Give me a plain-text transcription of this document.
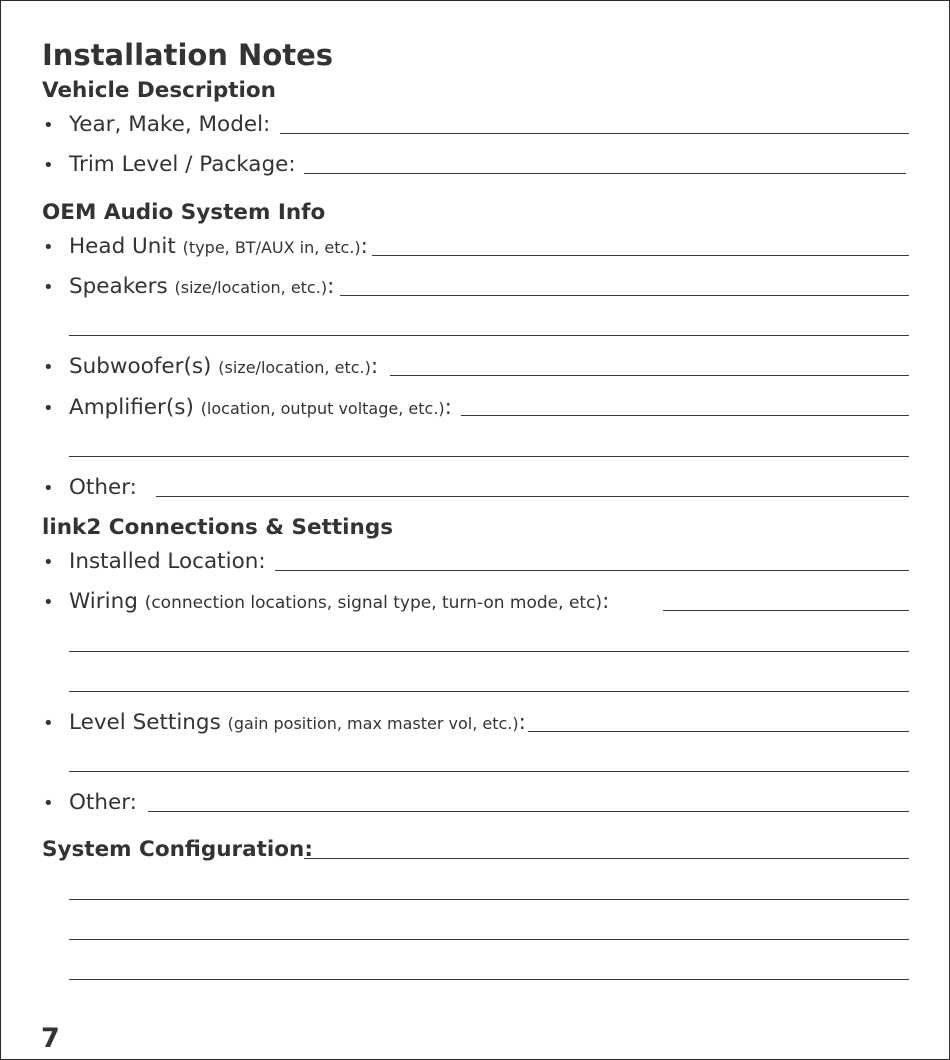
Installation Notes
Vehicle Description
• Year, Make, Model:
• Trim Level / Package:
OEM Audio System Info
• Head Unit (type, BT/AUX in, etc.):
• Speakers (size/location, etc.):
• Subwoofer(s) (size/location, etc.):
• Amplifier(s) (location, output voltage, etc.):
• Other:
link2 Connections & Settings
• Installed Location:
• Wiring (connection locations, signal type, turn-on mode, etc):
• Level Settings (gain position, max master vol, etc.):
• Other:
System Configuration:
7
